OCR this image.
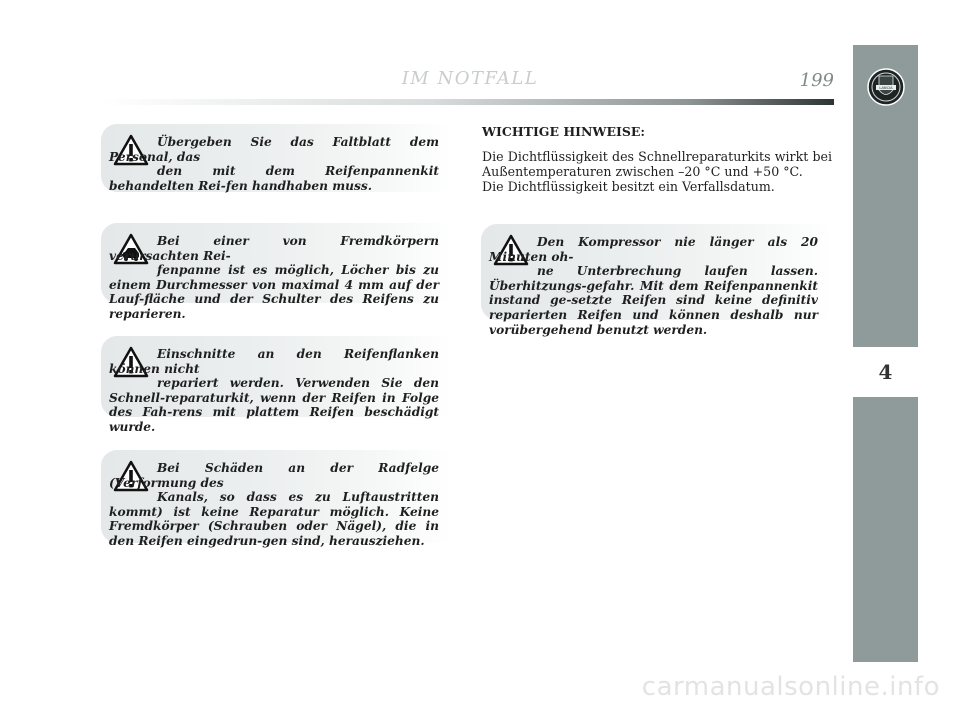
IM NOTFALL	199
4
LANCIA

Übergeben Sie das Faltblatt dem Personal, das

den mit dem Reifenpannenkit behandelten Rei-fen handhaben muss.

Bei einer von Fremdkörpern verursachten Rei-

fenpanne ist es möglich, Löcher bis zu einem Durchmesser von maximal 4 mm auf der Lauf-fläche und der Schulter des Reifens zu reparieren.

Einschnitte an den Reifenflanken können nicht

repariert werden. Verwenden Sie den Schnell-reparaturkit, wenn der Reifen in Folge des Fah-rens mit plattem Reifen beschädigt wurde.

Bei Schäden an der Radfelge (Verformung des

Kanals, so dass es zu Luftaustritten kommt) ist keine Reparatur möglich. Keine Fremdkörper (Schrauben oder Nägel), die in den Reifen eingedrun-gen sind, herausziehen.

WICHTIGE HINWEISE:
Die Dichtflüssigkeit des Schnellreparaturkits wirkt bei Außentemperaturen zwischen –20 °C und +50 °C.
Die Dichtflüssigkeit besitzt ein Verfallsdatum.

Den Kompressor nie länger als 20 Minuten oh-

ne Unterbrechung laufen lassen. Überhitzungs-gefahr. Mit dem Reifenpannenkit instand ge-setzte Reifen sind keine definitiv reparierten Reifen und können deshalb nur vorübergehend benutzt werden.

carmanualsonline.info
